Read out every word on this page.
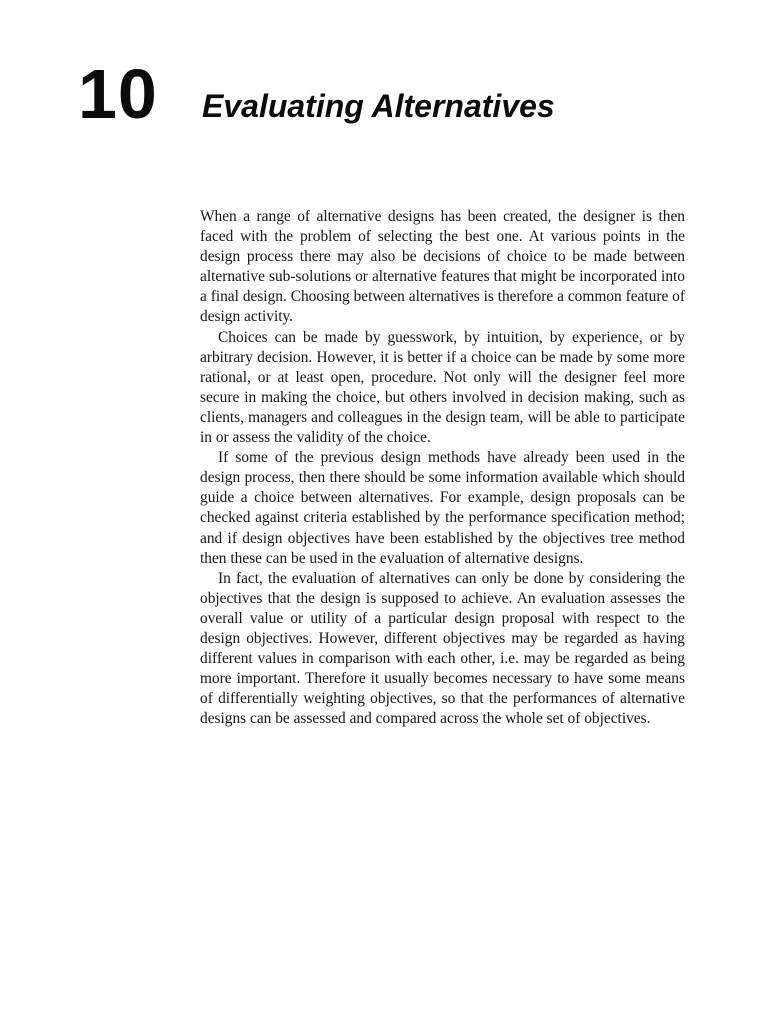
10 Evaluating Alternatives

When a range of alternative designs has been created, the designer is then faced with the problem of selecting the best one. At various points in the design process there may also be decisions of choice to be made between alternative sub-solutions or alternative features that might be incorporated into a final design. Choosing between alternatives is therefore a common feature of design activity.

Choices can be made by guesswork, by intuition, by experience, or by arbitrary decision. However, it is better if a choice can be made by some more rational, or at least open, procedure. Not only will the designer feel more secure in making the choice, but others involved in decision making, such as clients, managers and colleagues in the design team, will be able to participate in or assess the validity of the choice.

If some of the previous design methods have already been used in the design process, then there should be some information available which should guide a choice between alternatives. For example, design proposals can be checked against criteria established by the performance specification method; and if design objectives have been established by the objectives tree method then these can be used in the evaluation of alternative designs.

In fact, the evaluation of alternatives can only be done by considering the objectives that the design is supposed to achieve. An evaluation assesses the overall value or utility of a particular design proposal with respect to the design objectives. However, different objectives may be regarded as having different values in comparison with each other, i.e. may be regarded as being more important. Therefore it usually becomes necessary to have some means of differentially weighting objectives, so that the performances of alternative designs can be assessed and compared across the whole set of objectives.
